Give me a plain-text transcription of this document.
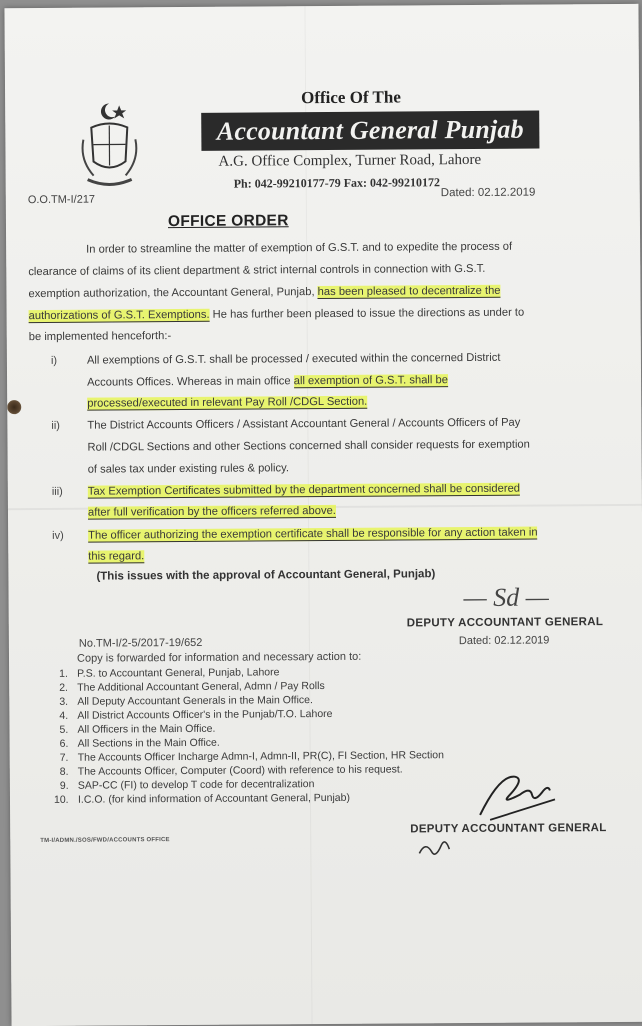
Office Of The
Accountant General Punjab
A.G. Office Complex, Turner Road, Lahore
Ph: 042-99210177-79 Fax: 042-99210172
O.O.TM-I/217
Dated: 02.12.2019
OFFICE ORDER
In order to streamline the matter of exemption of G.S.T. and to expedite the process of
clearance of claims of its client department & strict internal controls in connection with G.S.T.
exemption authorization, the Accountant General, Punjab, has been pleased to decentralize the
authorizations of G.S.T. Exemptions. He has further been pleased to issue the directions as under to
be implemented henceforth:-
i)	All exemptions of G.S.T. shall be processed / executed within the concerned District
Accounts Offices. Whereas in main office all exemption of G.S.T. shall be
processed/executed in relevant Pay Roll /CDGL Section.
ii) The District Accounts Officers / Assistant Accountant General / Accounts Officers of Pay
Roll /CDGL Sections and other Sections concerned shall consider requests for exemption
of sales tax under existing rules & policy.
iii) Tax Exemption Certificates submitted by the department concerned shall be considered
after full verification by the officers referred above.
iv) The officer authorizing the exemption certificate shall be responsible for any action taken in
this regard.
(This issues with the approval of Accountant General, Punjab)
— Sd —
DEPUTY ACCOUNTANT GENERAL
No.TM-I/2-5/2017-19/652	Dated: 02.12.2019
Copy is forwarded for information and necessary action to:
1. P.S. to Accountant General, Punjab, Lahore
2. The Additional Accountant General, Admn / Pay Rolls
3. All Deputy Accountant Generals in the Main Office.
4. All District Accounts Officer's in the Punjab/T.O. Lahore
5. All Officers in the Main Office.
6. All Sections in the Main Office.
7. The Accounts Officer Incharge Admn-I, Admn-II, PR(C), FI Section, HR Section
8. The Accounts Officer, Computer (Coord) with reference to his request.
9. SAP-CC (FI) to develop T code for decentralization
10. I.C.O. (for kind information of Accountant General, Punjab)
DEPUTY ACCOUNTANT GENERAL
TM-I/ADMN./SOS/FWD/ACCOUNTS OFFICE
